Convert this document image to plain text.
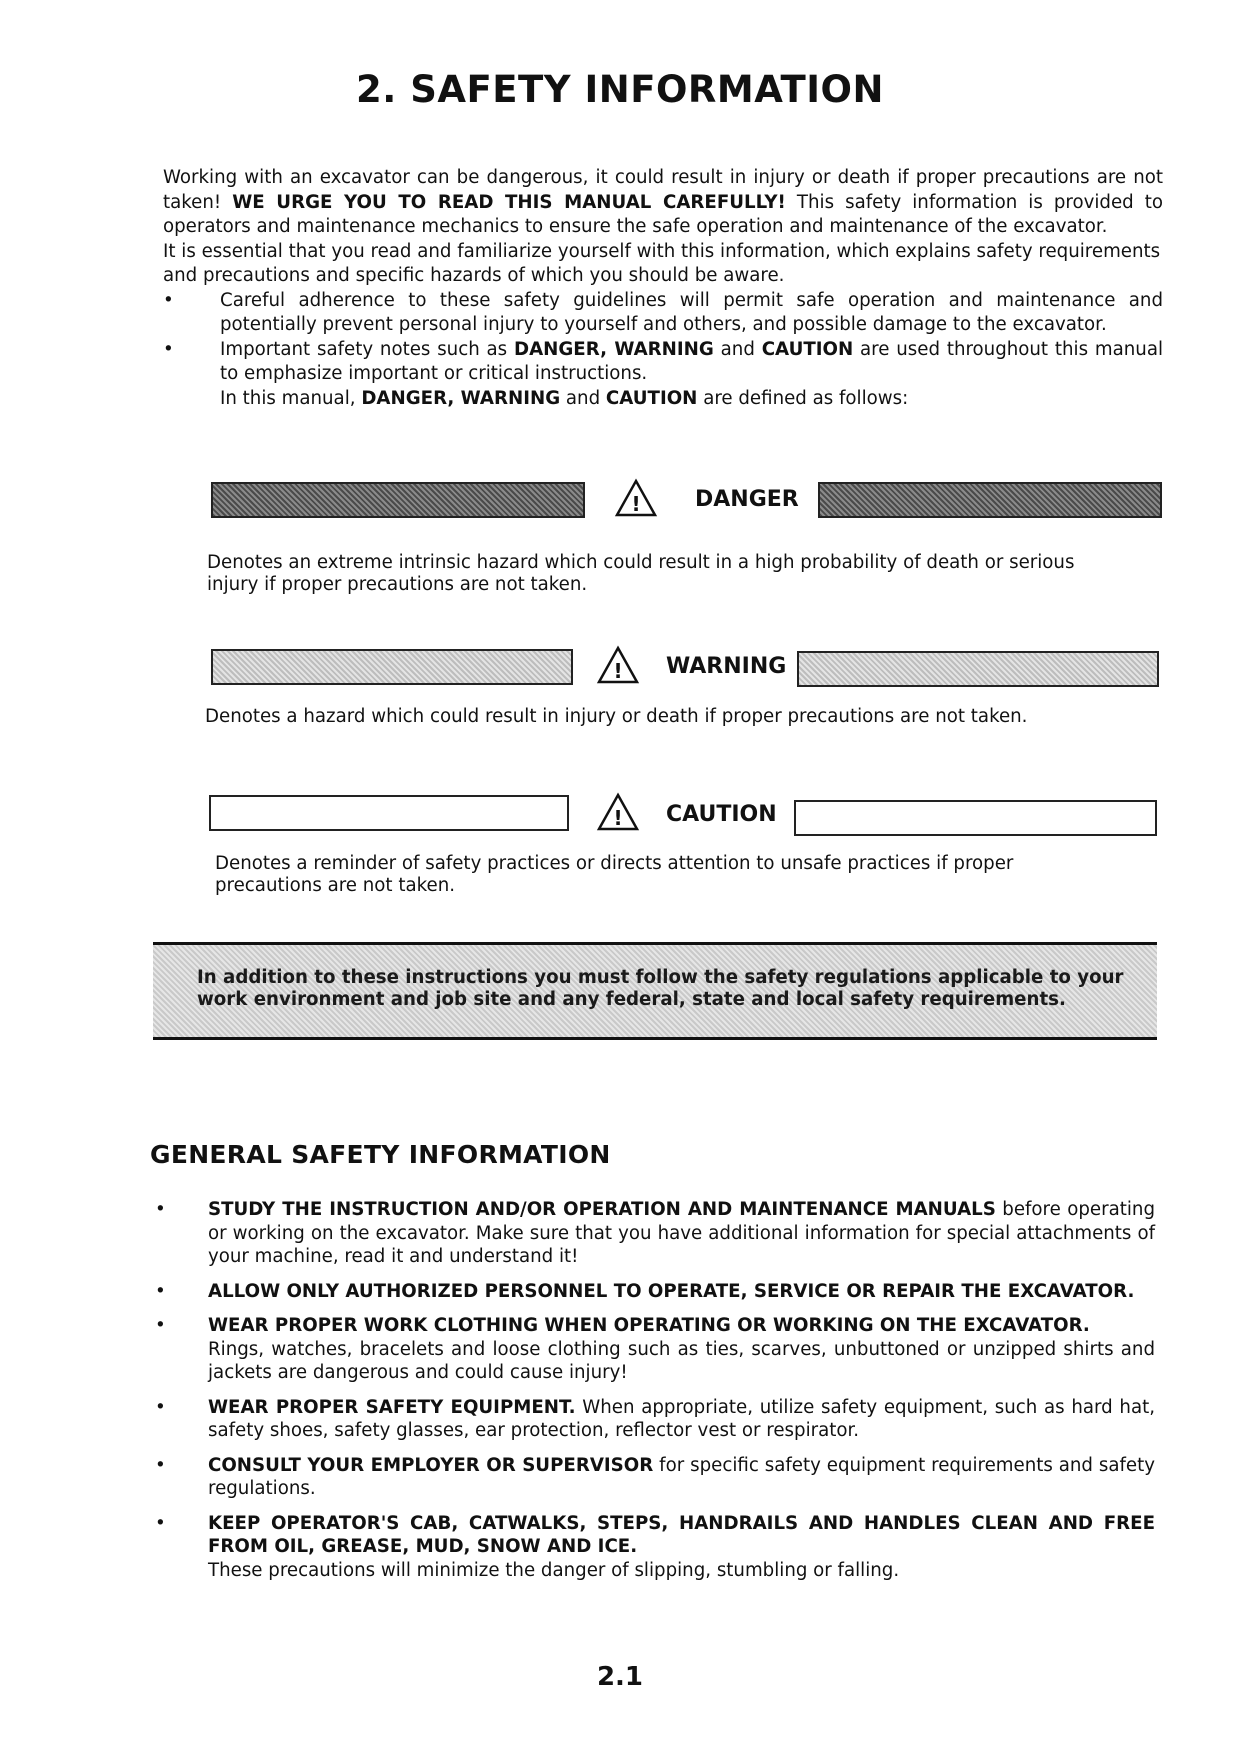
2. SAFETY INFORMATION

Working with an excavator can be dangerous, it could result in injury or death if proper precautions are not taken! WE URGE YOU TO READ THIS MANUAL CAREFULLY! This safety information is provided to operators and maintenance mechanics to ensure the safe operation and maintenance of the excavator.

It is essential that you read and familiarize yourself with this information, which explains safety requirements and precautions and specific hazards of which you should be aware.

•	Careful adherence to these safety guidelines will permit safe operation and maintenance and potentially prevent personal injury to yourself and others, and possible damage to the excavator.
•	Important safety notes such as DANGER, WARNING and CAUTION are used throughout this manual to emphasize important or critical instructions.
In this manual, DANGER, WARNING and CAUTION are defined as follows:
! DANGER
Denotes an extreme intrinsic hazard which could result in a high probability of death or serious injury if proper precautions are not taken.
! WARNING
Denotes a hazard which could result in injury or death if proper precautions are not taken.
! CAUTION
Denotes a reminder of safety practices or directs attention to unsafe practices if proper precautions are not taken.
In addition to these instructions you must follow the safety regulations applicable to your work environment and job site and any federal, state and local safety requirements.
GENERAL SAFETY INFORMATION
• STUDY THE INSTRUCTION AND/OR OPERATION AND MAINTENANCE MANUALS before operating or working on the excavator. Make sure that you have additional information for special attachments of your machine, read it and understand it!
• ALLOW ONLY AUTHORIZED PERSONNEL TO OPERATE, SERVICE OR REPAIR THE EXCAVATOR.
• WEAR PROPER WORK CLOTHING WHEN OPERATING OR WORKING ON THE EXCAVATOR.
Rings, watches, bracelets and loose clothing such as ties, scarves, unbuttoned or unzipped shirts and jackets are dangerous and could cause injury!
• WEAR PROPER SAFETY EQUIPMENT. When appropriate, utilize safety equipment, such as hard hat, safety shoes, safety glasses, ear protection, reflector vest or respirator.
• CONSULT YOUR EMPLOYER OR SUPERVISOR for specific safety equipment requirements and safety regulations.
• KEEP OPERATOR'S CAB, CATWALKS, STEPS, HANDRAILS AND HANDLES CLEAN AND FREE FROM OIL, GREASE, MUD, SNOW AND ICE.
These precautions will minimize the danger of slipping, stumbling or falling.
2.1
